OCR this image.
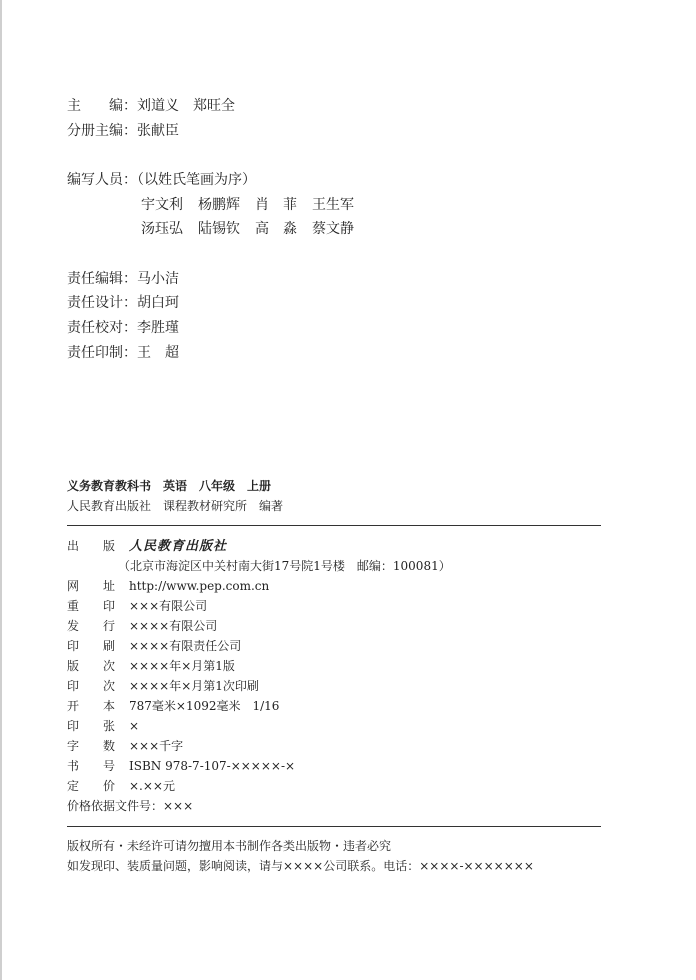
主　　编：刘道义　郑旺全
分册主编：张献臣
编写人员：（以姓氏笔画为序）
宇文利 杨鹏辉 肖　菲 王生军
汤珏弘 陆锡钦 高　淼 蔡文静
责任编辑：马小洁
责任设计：胡白珂
责任校对：李胜瑾
责任印制：王　超
义务教育教科书　英语　八年级　上册
人民教育出版社　课程教材研究所　编著
出　　版 人民教育出版社
（北京市海淀区中关村南大街17号院1号楼　邮编：100081）
网　　址 http://www.pep.com.cn
重　　印 ×××有限公司
发　　行 ××××有限公司
印　　刷 ××××有限责任公司
版　　次 ××××年×月第1版
印　　次 ××××年×月第1次印刷
开　　本 787毫米×1092毫米　1/16
印　　张 ×
字　　数 ×××千字
书　　号 ISBN 978-7-107-×××××-×
定　　价 ×.××元
价格依据文件号：×××
版权所有・未经许可请勿擅用本书制作各类出版物・违者必究
如发现印、装质量问题，影响阅读，请与××××公司联系。电话：××××-×××××××
